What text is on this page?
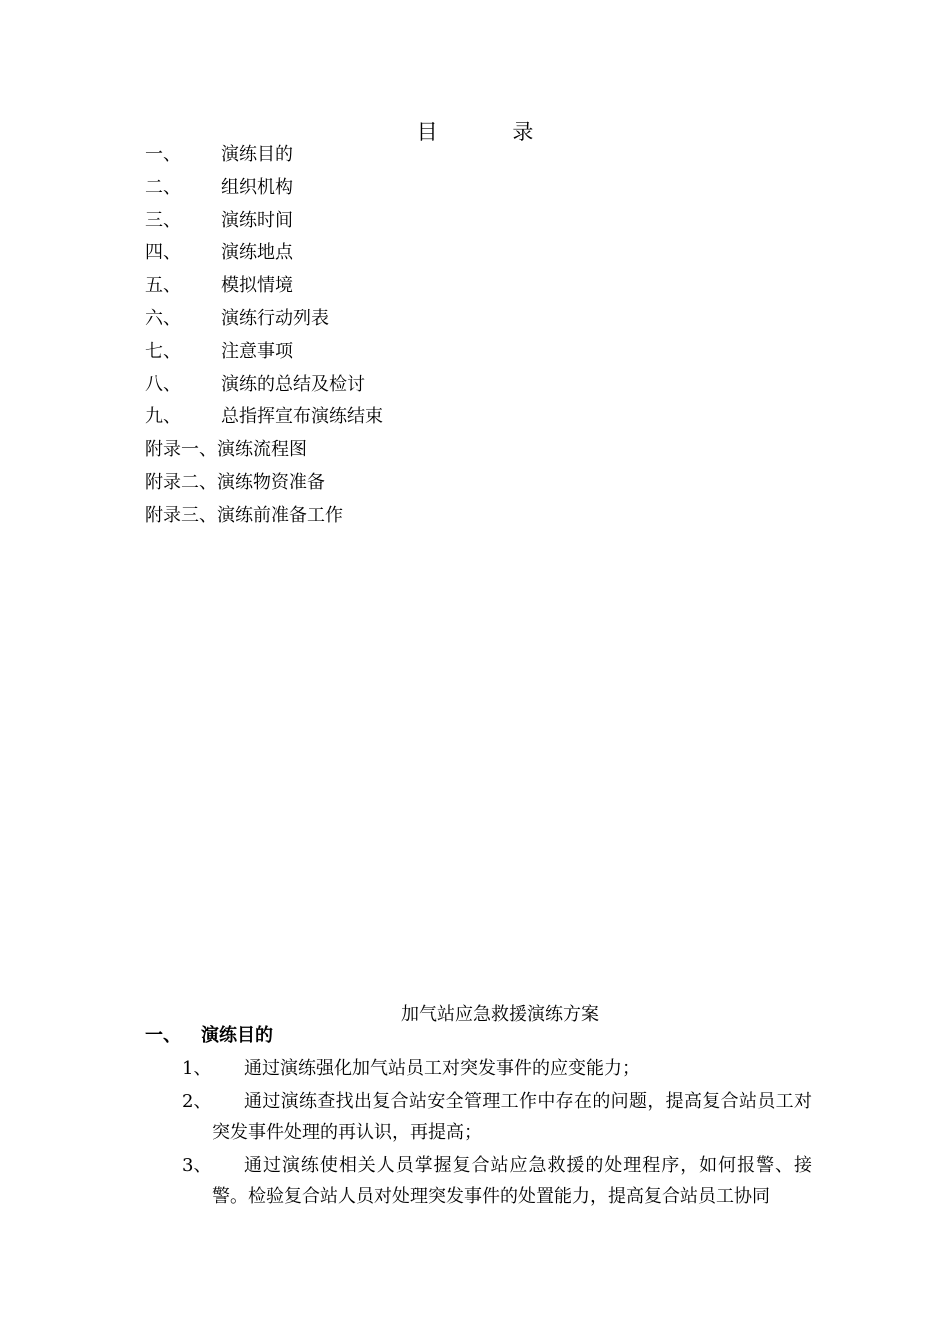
目 录
一、 演练目的
二、 组织机构
三、 演练时间
四、 演练地点
五、 模拟情境
六、 演练行动列表
七、 注意事项
八、 演练的总结及检讨
九、 总指挥宣布演练结束
附录一、演练流程图
附录二、演练物资准备
附录三、演练前准备工作
加气站应急救援演练方案
一、 演练目的
1、	通过演练强化加气站员工对突发事件的应变能力；
2、	通过演练查找出复合站安全管理工作中存在的问题，提高复合站员工对突发事件处理的再认识，再提高；
3、	通过演练使相关人员掌握复合站应急救援的处理程序，如何报警、接警。检验复合站人员对处理突发事件的处置能力，提高复合站员工协同
